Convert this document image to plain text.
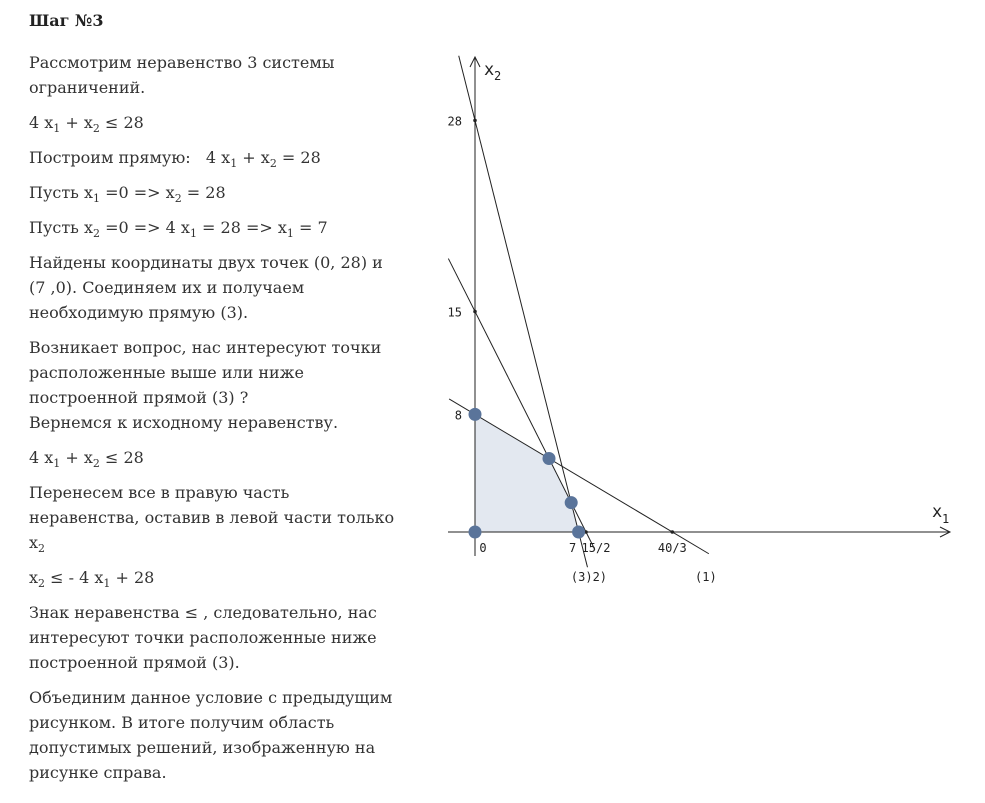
Шаг №3
Рассмотрим неравенство 3 системы ограничений.
4 $x_1 + x_2 \le 28$
Построим прямую:   4 $x_1 + x_2 = 28$
Пусть $x_1 =0 => x_2 = 28$
Пусть $x_2 =0 => 4$ $x_1 = 28 => x_1 = 7$
Найдены координаты двух точек (0, 28) и (7 ,0). Соединяем их и получаем необходимую прямую (3).
Возникает вопрос, нас интересуют точки расположенные выше или ниже построенной прямой (3) ?
Вернемся к исходному неравенству.
4 $x_1 + x_2 \le 28$
Перенесем все в правую часть неравенства, оставив в левой части только $x_2$
$x_2$ ≤ - 4 $x_1 + 28$
Знак неравенства ≤ , следовательно, нас интересуют точки расположенные ниже построенной прямой (3).
Объединим данное условие с предыдущим рисунком. В итоге получим область допустимых решений, изображенную на рисунке справа.
x 1
x 2
28
15
8
0	7 15/2	40/3
(3)2)	(1)
